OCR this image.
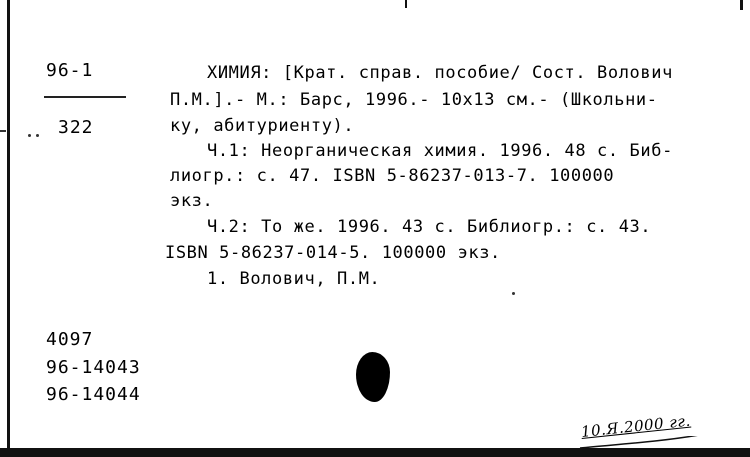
96-1
322
ХИМИЯ: [Крат. справ. пособие/ Сост. Волович
П.М.].- М.: Барс, 1996.- 10х13 см.- (Школьни-
ку, абитуриенту).
Ч.1: Неорганическая химия. 1996. 48 с. Биб-
лиогр.: с. 47. ISBN 5-86237-013-7. 100000
экз.
Ч.2: То же. 1996. 43 с. Библиогр.: с. 43.
ISBN 5-86237-014-5. 100000 экз.
1. Волович, П.М.
4097
96-14043
96-14044
10.Я.2000 гг.
